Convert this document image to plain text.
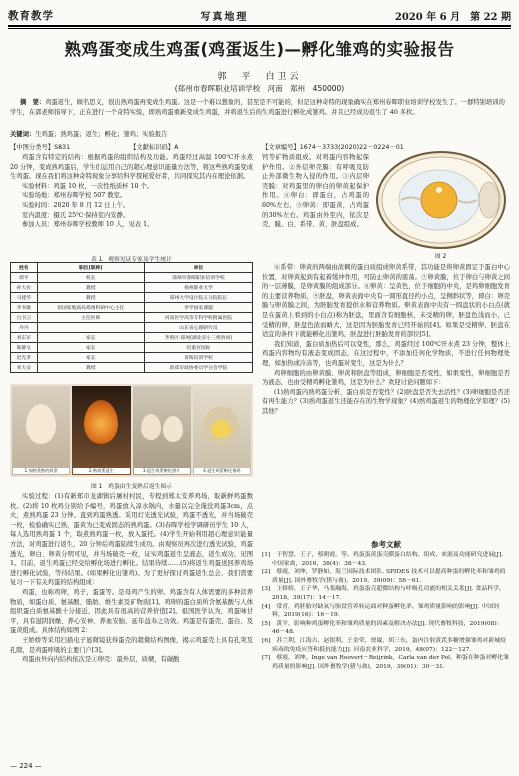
教育教学	写真地理	2020 年 6 月　第 22 期
熟鸡蛋变成生鸡蛋(鸡蛋返生)—孵化雏鸡的实验报告
郭　平　白卫云
(郑州市春晖职业培训学校　河南　郑州　450000)
摘　要：鸡蛋返生，顾名思义，很出熟鸡蛋再变成生鸡蛋。这是一个难以想象的，甚至是不可能的，但是这种奇特的现象确实在郑州春晖职业培训学校发生了。一群特别培训的学生，在郭老师指导下，正在进行一个奇特实验，即熟鸡蛋重新变成生鸡蛋，并将返生后的生鸡蛋进行孵化成雏鸡。并且已经成功返生了 40 多枚。
关键词：生鸡蛋；熟鸡蛋；返生；孵化；雏鸡；实验报告
【中图分类号】S831	【文献标识码】A	【文章编号】1674－3733(2020)22－0224－01

鸡蛋含有特定的结构：根据鸡蛋的组织结构及功能。鸡蛋经过高温 100℃开水煮 20 分钟，变成熟鸡蛋后，学生们运用自己的超心理意识能量方法等，将这些熟鸡蛋变成生鸡蛋。现在我们将这种奇特现象分享给科学探秘爱好者，共同探究其内在理论依据。

实验材料：鸡蛋 10 枚，一次性纸质杯 10 个。

实验场地：郑州春晖学校 507 教室。

实验时间：2020 年 8 月 12 日上午。

室内温度：摄氏 25℃·保持室内安静。

参加人员：郑州春晖学校教师 10 人，见表 1。

表 1　观察见证专家及学生统计
姓名	职位(职称)	单位
郭平	校长	郑州市春晖职业培训学校
孙大民	教授	扬州职业大学
马建华	教授	郑州大学设计院五分院院长
李书敏	原国家地质局郑州科研中心主任	李学国家课题
白卫云	主任医师	河南医学高等专科学校附属医院
丹丹		山东省心理研究员
刘东军	家长	齐鲁区·郑州(湖北省小三组协同)
陈静文	家长	培童宫国际
赵光孝	家长	青晖培训学校
刘大安	教授	新郑市政协委员学分会学院
1.加热煮熟的鸡蛋	2.熟鸡蛋返生	3.返生鸡蛋孵化照片	4.返生鸡蛋孵化雏鸡
图 1　鸡蛋由生变熟后返生图示

实验过程：(1)有新郑市龙湖镇后屠村村民，专程到郑太安养鸡场，取新鲜鸡蛋数枚。(2)将 10 枚鸡分别给予编号，鸡蛋放入凉水锅内，水量以完全淹没鸡蛋3cm，点火，煮熟鸡蛋 23 分钟。直到鸡蛋熟透。采用灯光透光试验，鸡蛋不透光，并当场破壳一枚，检验确实已熟，蛋黄为已变成固态的熟鸡蛋。(3)春晖学校学调研员学生 10 人，每人选用熟鸡蛋 1 个，取煮熟鸡蛋一枚，放入蛋托。(4)学生开始利用超心理意识能量方法，对鸡蛋进行返生，20 分钟后鸡蛋陆续生成功。由观察员再次进行透光试验，鸡蛋透光，卵白、卵黄分明可见，并当场破壳一枚，证实鸡蛋返生呈液态，返生成功，见图1。目前，返生鸡蛋已经交给孵化场进行孵化。结果待续……(5)将返生鸡蛋送回养鸡场进行孵化试验，等待结果。(如果孵化出雏鸡)。为了更好探讨鸡蛋返生总会，我们需要复习一下有关鸡蛋的结构组成：

鸡蛋，也称鸡卵，鸡子，蛋蛋等。是母鸡产生的卵。鸡蛋含有人体需要的多种营养物质，如蛋白质、氨基酸、脂肪、维生素及矿物质[1]。鸡卵的蛋白质所含氨基酸与人体组织蛋白质氨基酸十分接近，因此具有很高的营养价值[2]。祖国医学认为，鸡蛋味甘平，具有滋阴润燥、养心安神，养血安胎，延年益寿之功效。鸡蛋是有蛋壳、蛋白、及蛋黄组成。具体结构如图 2：

王娇娇等采用扫描电子显微镜获得蛋壳的超微结构图像，揭示鸡蛋壳上具有孔突及孔隙，是鸡蛋呼吸的主要门户[3]。

鸡蛋由外向内结构依次是①卵壳：最外层，质硬，有碳酸

钙等矿物质组成。对鸡蛋内容物起保护作用。②外层卵壳膜：有呼吸及防止外部微生物入侵的作用。③内层卵壳膜：对鸡蛋里的卵白的卵黄起保护作用。④卵白：即蛋白，占鸡蛋的60%左右，⑤卵黄：即蛋黄，占鸡蛋的30%左右。鸡蛋由外至内，依次是壳、膜、白、系带、黄、胚盘组成。

图 2

⑥系带：卵黄的两端由浓稠的蛋白质组成卵黄系带，其功能是将卵黄固定于蛋白中心位置，对卵黄起到有起着缓冲作用，可防止卵黄的震荡。⑦卵黄膜，位于卵白与卵黄之间的一层薄膜，是卵黄膜的组成部分。⑧卵黄：呈黄色，位于细胞的中央，是鸡卵细胞发育的主要营养物质，⑨胚盘，卵黄表面中央有一圆形直径约小点，呈侧斜状等，即白：卵壳膜与卵黄膜之间，为胚胎发育提供水和营养物质。卵黄表面中央有一圆盘状的小白点(就是在蛋黄上看到的小白点)称为胚盘，里面含有细胞核，未受精的卵，胚盘色浅而小，已受精的卵，胚盘色浓而略大，这是因为胚胎发育已经开始的[4]。如果是受精卵，胚盘在适宜的条件下就能孵化出雏鸡，胚盘进行胚胎发育的部位[5]。

我们知道，蛋白质加热后可以变性，那么，鸡蛋经过 100℃开水煮 23 分钟，整体上鸡蛋内容物均有液态变成固态，在这过程中，不添加任何化学物质，不进行任何物理处理，如加热或冷冻等，也鸡蛋对变生，这是为什么？

鸡卵细胞的由卵黄膜、卵黄和胚盘等组成，卵细胞是否变性，如果变性，卵细胞是否为液态，也由受精鸡孵化雏鸡，这是为什么？欢迎讨论问题如下：

(1)熟鸡蛋内熟鸡蛋分析，蛋白质是否变性？(2)胚盘是否失去活性？(3)卵细胞是否还有再生能力？(3)熟鸡蛋返生还能存在的生物学现象？(4)熟鸡蛋返生的物理化学原理？(5)其他？

参考文献
[1]　于智慧，王子，蔡朝霞，等。鸡蛋蛋黄蛋壳膜蛋白结构、组成、来源及功能研究进展[J]. 中国家禽，2016，38(4)：38－43.
[2]　蔡霞，刘坤，罗静如，海兰国际技术团队. SPIDES 技术可以提高种蛋的孵化率和雏鸡的质量[J]. 国外畜牧学(猪与禽)，2019，39(09)：58－61.
[3]　王娇娇，王子华，马斐瀚海，鸡蛋蛋壳超微结构与呼吸孔功能的相关关系[J]. 食品科学，2018，39(17)：14－17.
[4]　常青，鸡胚胎对缺氧与胎盘营养转运面对种蛋孵化率、雏鸡质量影响的影响[J]. 中国饲料，2019(16)：16－19.
[5]　黄平，影响种鸡蛋孵化率和雏鸡质量的因素及解决办法[J]. 现代畜牧科技，2019(08)：46－48.
[6]　苏兰利，江海吉，赵银利，王金荣，贾崴，胡三东，蛋内注射黄芪多糖增强雏鸡对新城疫病毒的免疫应答和抵抗能力[J]. 河南农业科学，2019，48(07)：122－127.
[7]　蔡霞，刘坤，Inge van Roovert－Reijrink，Carla van der Pol，种蛋在种蛋对孵化雏鸡质量的影响[J]. 国外畜牧学(猪与禽)，2019，39(01)：30－31.
— 224 —
